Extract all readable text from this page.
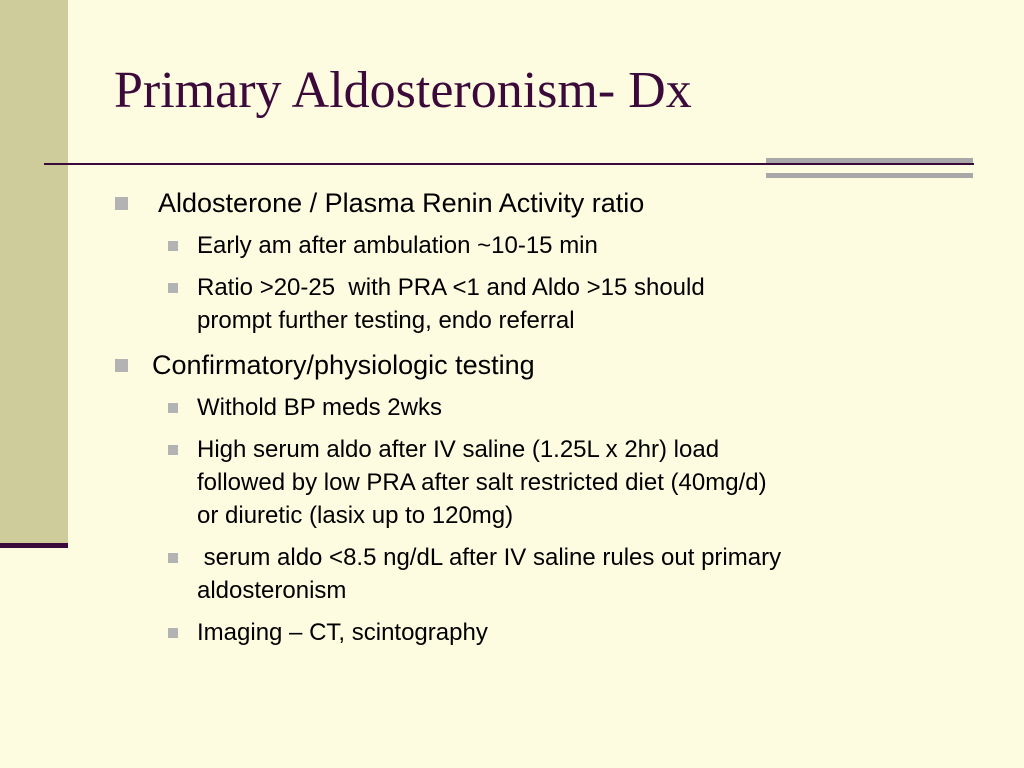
Primary Aldosteronism- Dx
Aldosterone / Plasma Renin Activity ratio
Early am after ambulation ~10-15 min
Ratio >20-25  with PRA <1 and Aldo >15 should
prompt further testing, endo referral
Confirmatory/physiologic testing
Withold BP meds 2wks
High serum aldo after IV saline (1.25L x 2hr) load
followed by low PRA after salt restricted diet (40mg/d)
or diuretic (lasix up to 120mg)
serum aldo <8.5 ng/dL after IV saline rules out primary
aldosteronism
Imaging – CT, scintography
